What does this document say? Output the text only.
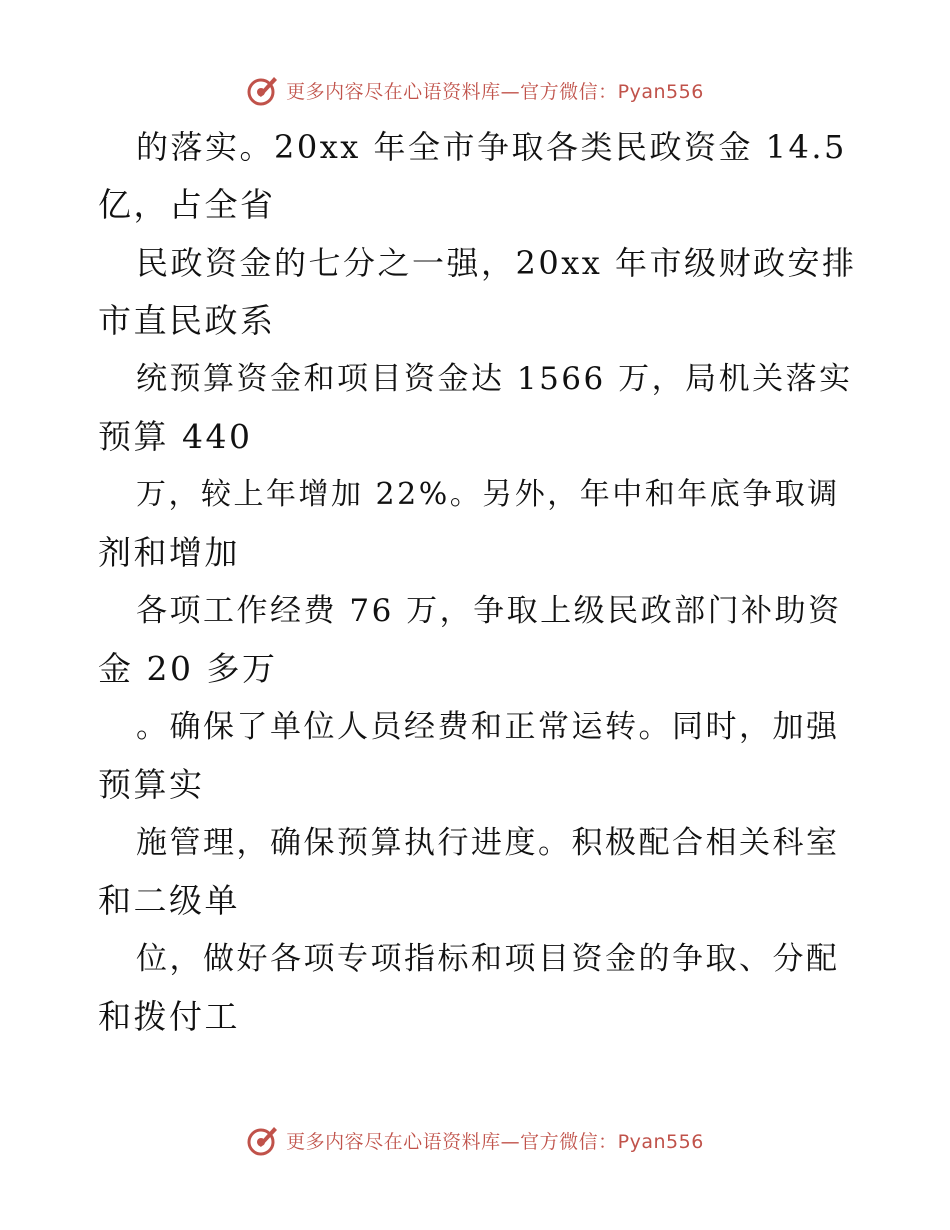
更多内容尽在心语资料库—官方微信：Pyan556
的落实。20xx 年全市争取各类民政资金 14.5
亿，占全省
民政资金的七分之一强，20xx 年市级财政安排
市直民政系
统预算资金和项目资金达 1566 万，局机关落实
预算 440
万，较上年增加 22%。另外，年中和年底争取调
剂和增加
各项工作经费 76 万，争取上级民政部门补助资
金 20 多万
。确保了单位人员经费和正常运转。同时，加强
预算实
施管理，确保预算执行进度。积极配合相关科室
和二级单
位，做好各项专项指标和项目资金的争取、分配
和拨付工
更多内容尽在心语资料库—官方微信：Pyan556
